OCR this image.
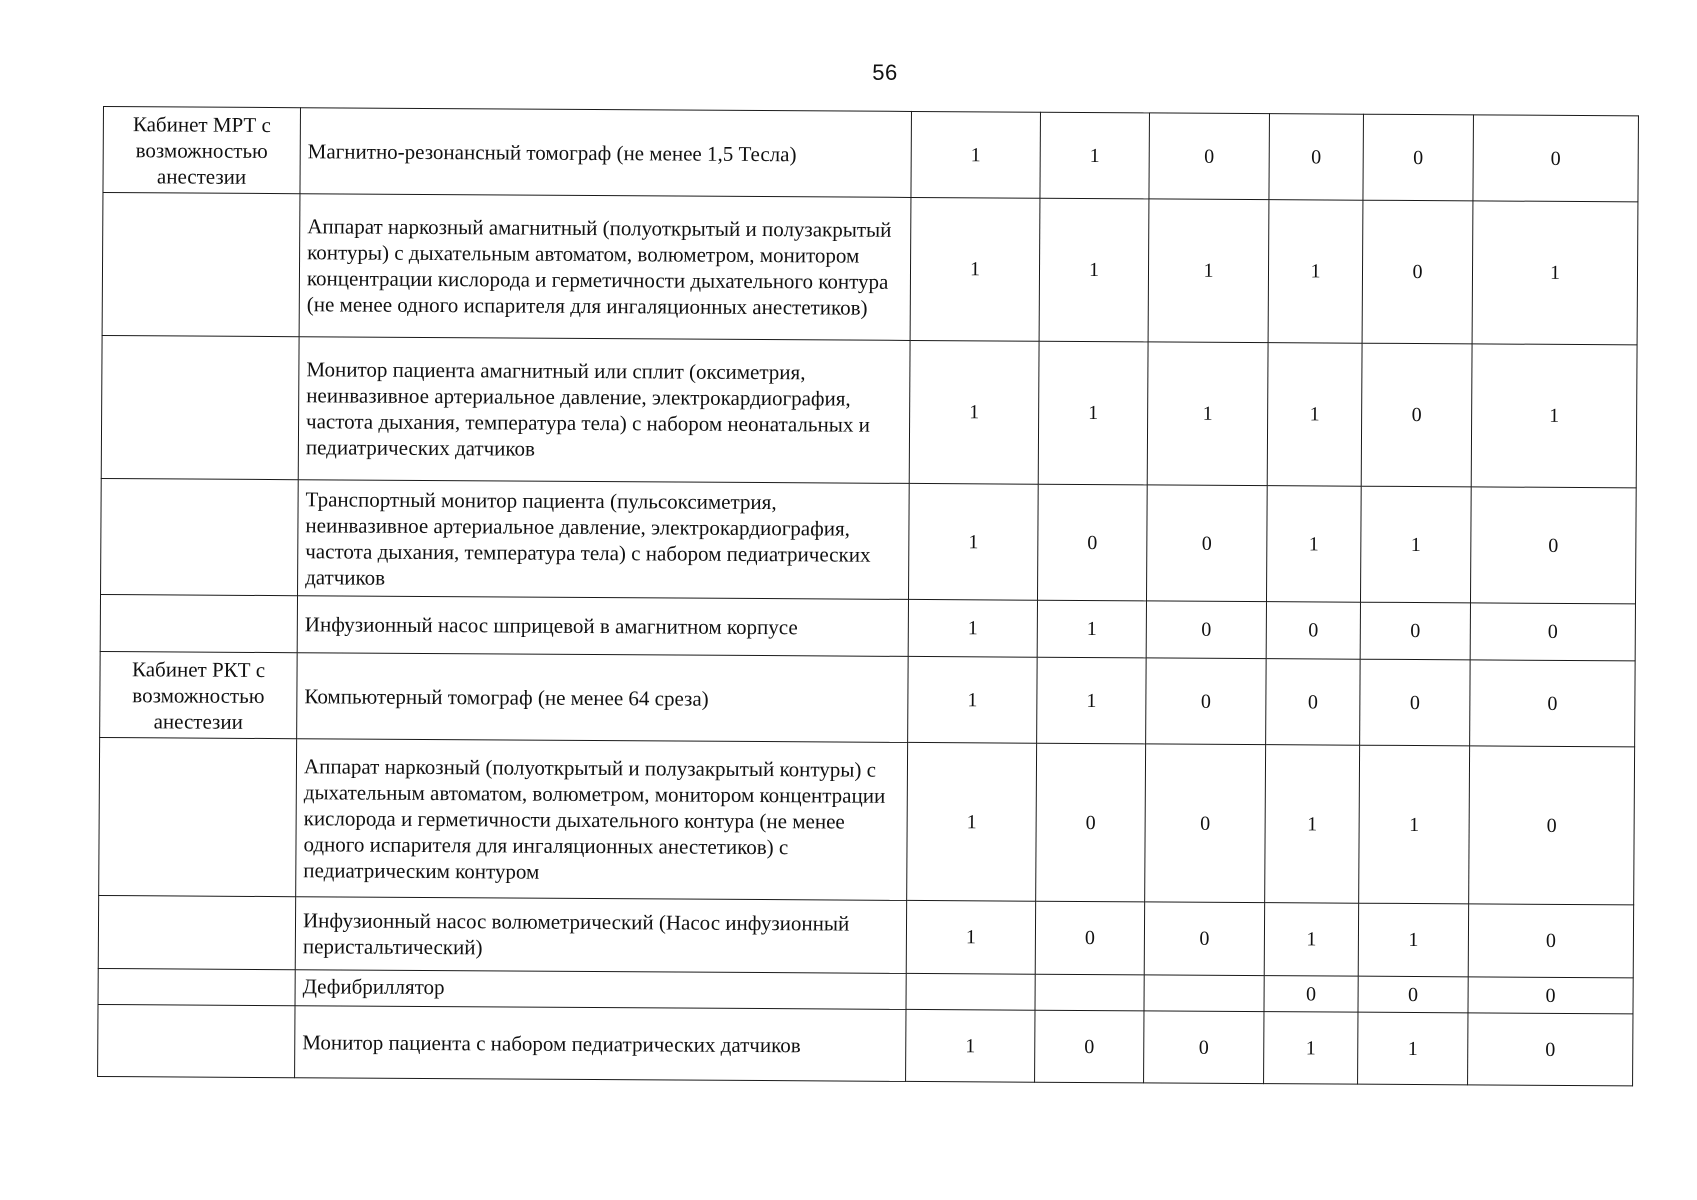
56
Кабинет МРТ с возможностью анестезии	Магнитно-резонансный томограф (не менее 1,5 Тесла)	1	1	0	0	0	0
	Аппарат наркозный амагнитный (полуоткрытый и полузакрытый контуры) с дыхательным автоматом, волюметром, монитором концентрации кислорода и герметичности дыхательного контура (не менее одного испарителя для ингаляционных анестетиков)	1	1	1	1	0	1
	Монитор пациента амагнитный или сплит (оксиметрия, неинвазивное артериальное давление, электрокардиография, частота дыхания, температура тела) с набором неонатальных и педиатрических датчиков	1	1	1	1	0	1
	Транспортный монитор пациента (пульсоксиметрия, неинвазивное артериальное давление, электрокардиография, частота дыхания, температура тела) с набором педиатрических датчиков	1	0	0	1	1	0
	Инфузионный насос шприцевой в амагнитном корпусе	1	1	0	0	0	0
Кабинет РКТ с возможностью анестезии	Компьютерный томограф (не менее 64 среза)	1	1	0	0	0	0
	Аппарат наркозный (полуоткрытый и полузакрытый контуры) с дыхательным автоматом, волюметром, монитором концентрации кислорода и герметичности дыхательного контура (не менее одного испарителя для ингаляционных анестетиков) с педиатрическим контуром	1	0	0	1	1	0
	Инфузионный насос волюметрический (Насос инфузионный перистальтический)	1	0	0	1	1	0
	Дефибриллятор				0	0	0
	Монитор пациента с набором педиатрических датчиков	1	0	0	1	1	0
